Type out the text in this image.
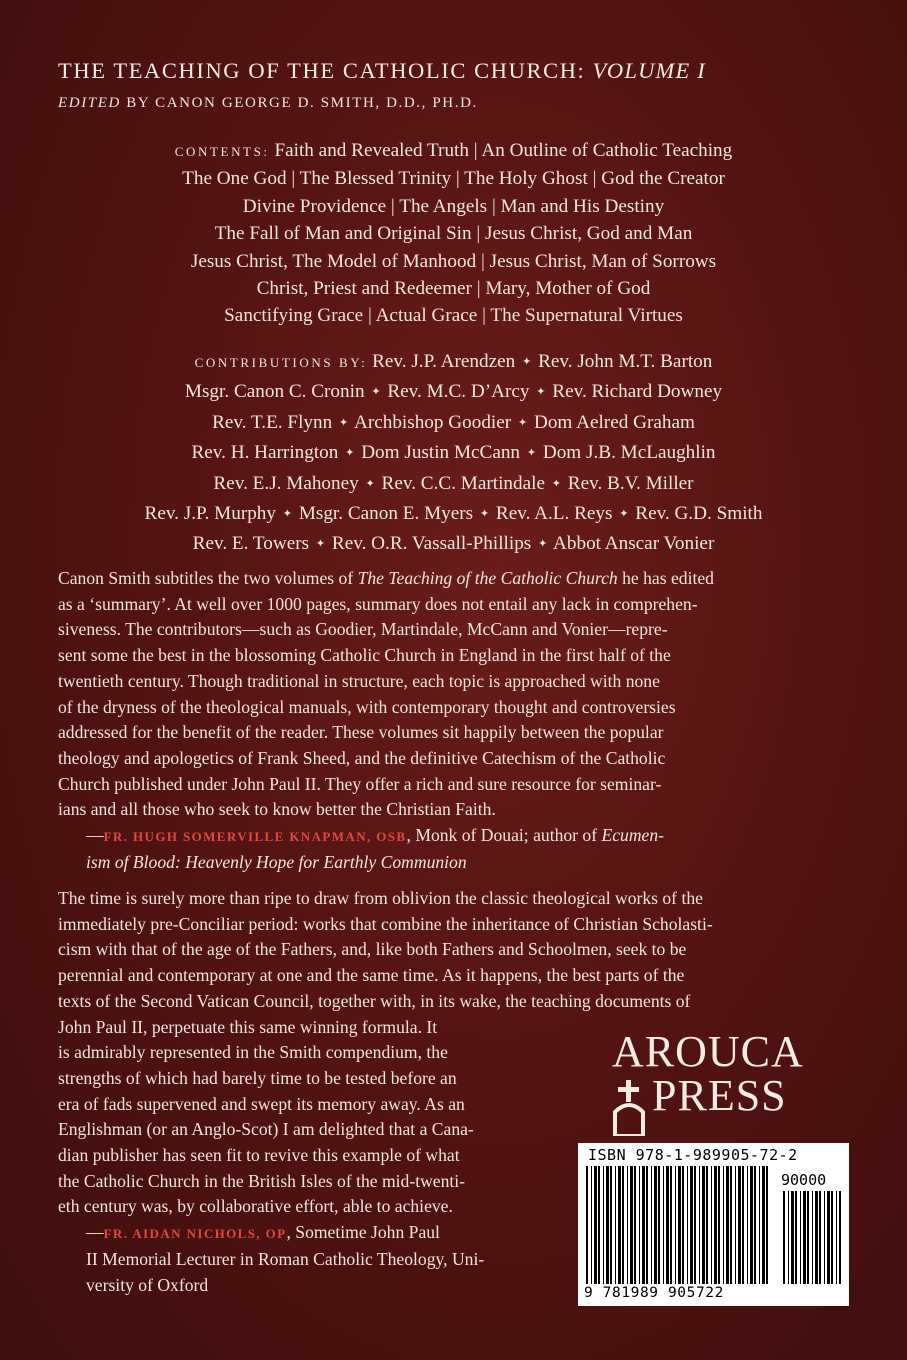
THE TEACHING OF THE CATHOLIC CHURCH: VOLUME I
EDITED BY CANON GEORGE D. SMITH, D.D., PH.D.
CONTENTS: Faith and Revealed Truth | An Outline of Catholic Teaching
The One God | The Blessed Trinity | The Holy Ghost | God the Creator
Divine Providence | The Angels | Man and His Destiny
The Fall of Man and Original Sin | Jesus Christ, God and Man
Jesus Christ, The Model of Manhood | Jesus Christ, Man of Sorrows
Christ, Priest and Redeemer | Mary, Mother of God
Sanctifying Grace | Actual Grace | The Supernatural Virtues
CONTRIBUTIONS BY: Rev. J.P. Arendzen ✦ Rev. John M.T. Barton
Msgr. Canon C. Cronin ✦ Rev. M.C. D’Arcy ✦ Rev. Richard Downey
Rev. T.E. Flynn ✦ Archbishop Goodier ✦ Dom Aelred Graham
Rev. H. Harrington ✦ Dom Justin McCann ✦ Dom J.B. McLaughlin
Rev. E.J. Mahoney ✦ Rev. C.C. Martindale ✦ Rev. B.V. Miller
Rev. J.P. Murphy ✦ Msgr. Canon E. Myers ✦ Rev. A.L. Reys ✦ Rev. G.D. Smith
Rev. E. Towers ✦ Rev. O.R. Vassall-Phillips ✦ Abbot Anscar Vonier
Canon Smith subtitles the two volumes of The Teaching of the Catholic Church he has edited
as a ‘summary’. At well over 1000 pages, summary does not entail any lack in comprehen-
siveness. The contributors—such as Goodier, Martindale, McCann and Vonier—repre-
sent some the best in the blossoming Catholic Church in England in the first half of the
twentieth century. Though traditional in structure, each topic is approached with none
of the dryness of the theological manuals, with contemporary thought and controversies
addressed for the benefit of the reader. These volumes sit happily between the popular
theology and apologetics of Frank Sheed, and the definitive Catechism of the Catholic
Church published under John Paul II. They offer a rich and sure resource for seminar-
ians and all those who seek to know better the Christian Faith.
—FR. HUGH SOMERVILLE KNAPMAN, OSB, Monk of Douai; author of Ecumen-
ism of Blood: Heavenly Hope for Earthly Communion
The time is surely more than ripe to draw from oblivion the classic theological works of the
immediately pre-Conciliar period: works that combine the inheritance of Christian Scholasti-
cism with that of the age of the Fathers, and, like both Fathers and Schoolmen, seek to be
perennial and contemporary at one and the same time. As it happens, the best parts of the
texts of the Second Vatican Council, together with, in its wake, the teaching documents of
John Paul II, perpetuate this same winning formula. It
is admirably represented in the Smith compendium, the
strengths of which had barely time to be tested before an
era of fads supervened and swept its memory away. As an
Englishman (or an Anglo-Scot) I am delighted that a Cana-
dian publisher has seen fit to revive this example of what
the Catholic Church in the British Isles of the mid-twenti-
eth century was, by collaborative effort, able to achieve.
—FR. AIDAN NICHOLS, OP, Sometime John Paul
II Memorial Lecturer in Roman Catholic Theology, Uni-
versity of Oxford
AROUCA
PRESS
ISBN 978-1-989905-72-2
90000
9 781989 905722
